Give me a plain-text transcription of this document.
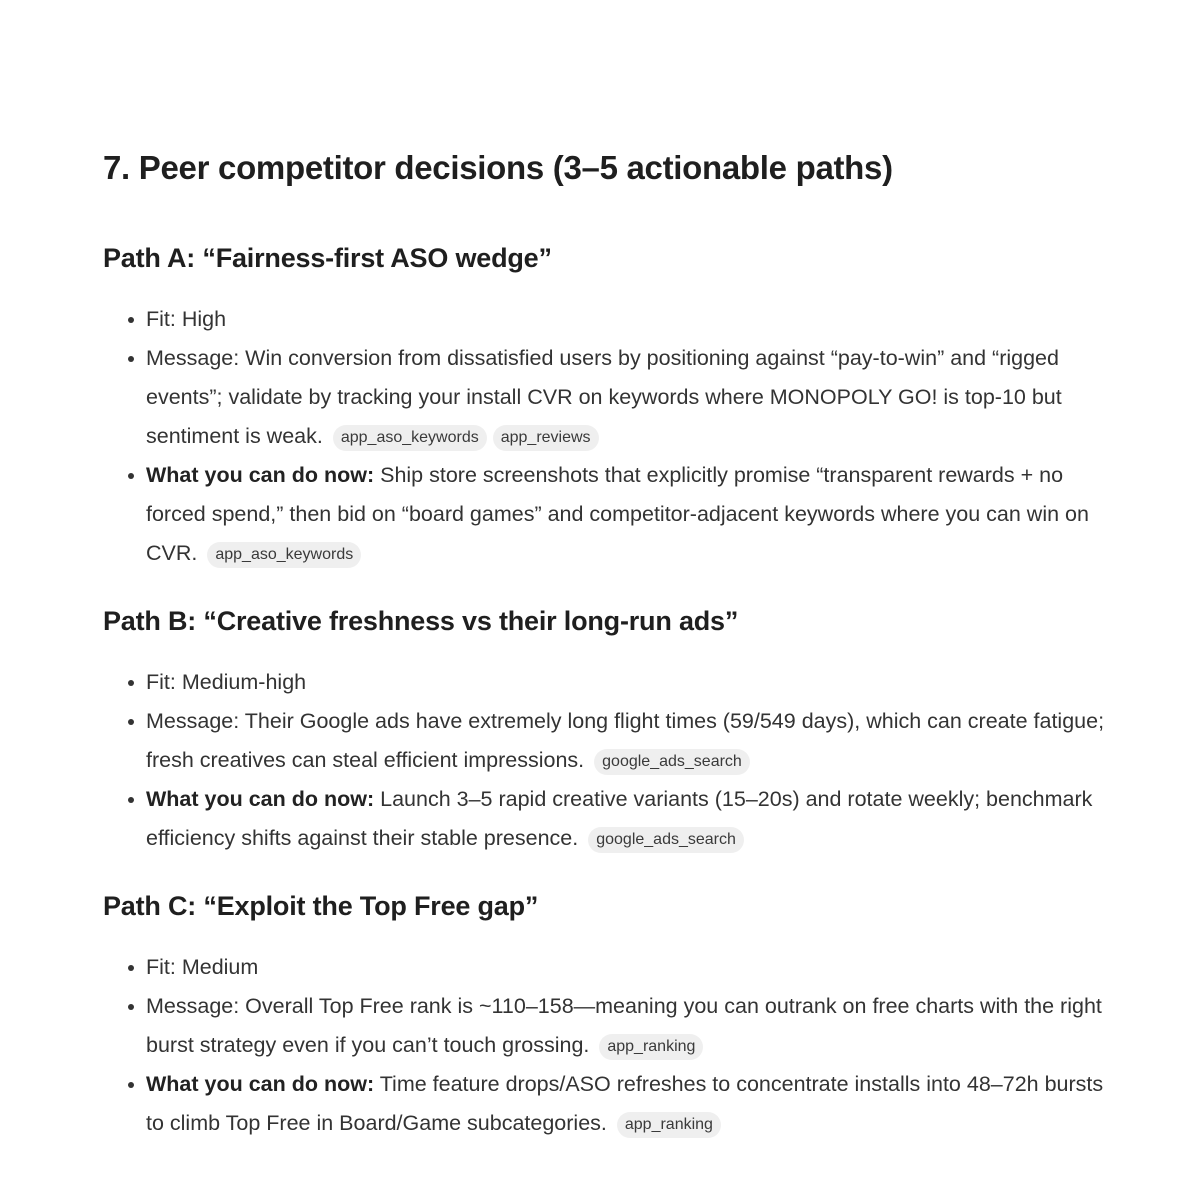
7. Peer competitor decisions (3–5 actionable paths)
Path A: “Fairness-first ASO wedge”
Fit: High
Message: Win conversion from dissatisfied users by positioning against “pay-to-win” and “rigged events”; validate by tracking your install CVR on keywords where MONOPOLY GO! is top-10 but sentiment is weak. app_aso_keywords app_reviews
What you can do now: Ship store screenshots that explicitly promise “transparent rewards + no forced spend,” then bid on “board games” and competitor-adjacent keywords where you can win on CVR. app_aso_keywords
Path B: “Creative freshness vs their long-run ads”
Fit: Medium-high
Message: Their Google ads have extremely long flight times (59/549 days), which can create fatigue; fresh creatives can steal efficient impressions. google_ads_search
What you can do now: Launch 3–5 rapid creative variants (15–20s) and rotate weekly; benchmark efficiency shifts against their stable presence. google_ads_search
Path C: “Exploit the Top Free gap”
Fit: Medium
Message: Overall Top Free rank is ~110–158—meaning you can outrank on free charts with the right burst strategy even if you can’t touch grossing. app_ranking
What you can do now: Time feature drops/ASO refreshes to concentrate installs into 48–72h bursts to climb Top Free in Board/Game subcategories. app_ranking
